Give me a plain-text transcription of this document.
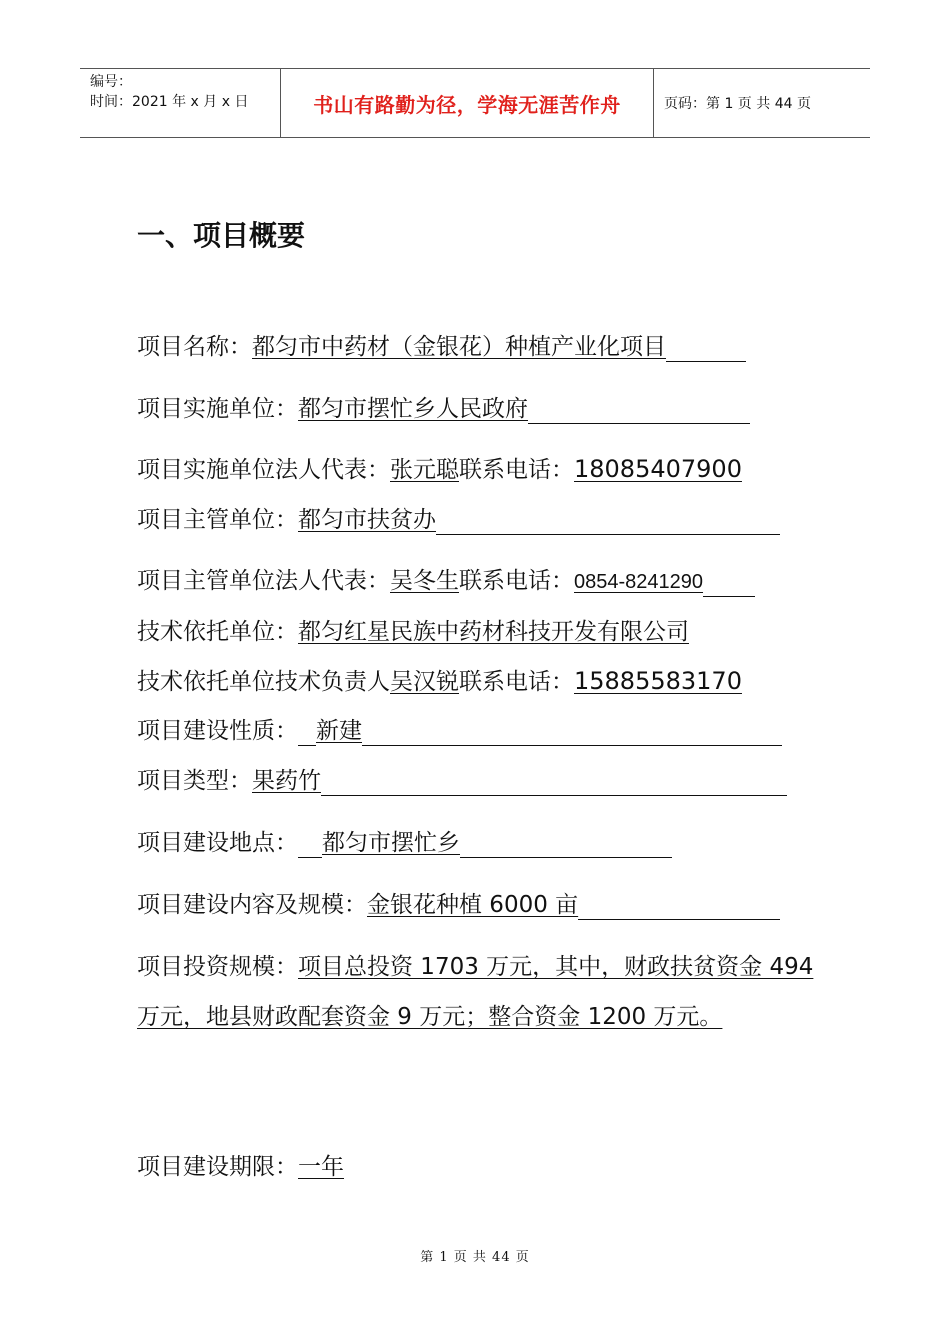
编号：
时间：2021 年 x 月 x 日	书山有路勤为径，学海无涯苦作舟	页码：第 1 页 共 44 页
一、项目概要
项目名称：都匀市中药材（金银花）种植产业化项目
项目实施单位：都匀市摆忙乡人民政府
项目实施单位法人代表：张元聪联系电话：18085407900
项目主管单位：都匀市扶贫办
项目主管单位法人代表：吴冬生联系电话：0854-8241290
技术依托单位：都匀红星民族中药材科技开发有限公司
技术依托单位技术负责人吴汉锐联系电话：15885583170
项目建设性质： 新建
项目类型：果药竹
项目建设地点： 都匀市摆忙乡
项目建设内容及规模：金银花种植 6000 亩
项目投资规模：项目总投资 1703 万元，其中，财政扶贫资金 494 万元，地县财政配套资金 9 万元；整合资金 1200 万元。
项目建设期限：一年
第 1 页 共 44 页
